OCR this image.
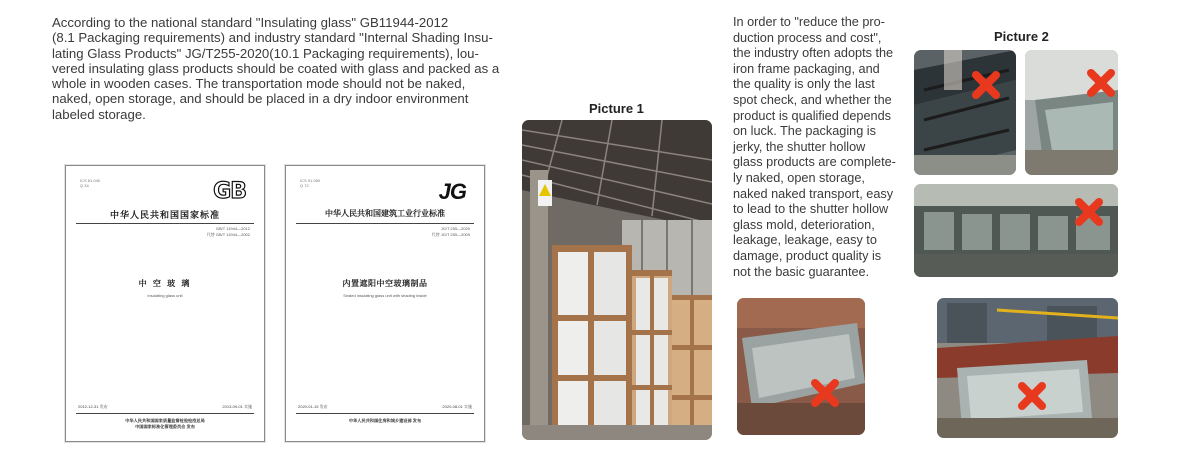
According to the national standard "Insulating glass" GB11944-2012
(8.1 Packaging requirements) and industry standard "Internal Shading Insu-
lating Glass Products" JG/T255-2020(10.1 Packaging requirements), lou-
vered insulating glass products should be coated with glass and packed as a
whole in wooden cases. The transportation mode should not be naked,
naked, open storage, and should be placed in a dry indoor environment
labeled storage.
ICS 81.040
Q 34	GB
中华人民共和国国家标准
GB/T 11944—2012
代替 GB/T 11944—2002
中 空 玻 璃
Insulating glass unit
2012-12-31 发布	2013-09-01 实施
中华人民共和国国家质量监督检验检疫总局
中国国家标准化管理委员会 发布
ICS 91.060
Q 72	JG
中华人民共和国建筑工业行业标准
JG/T 255—2020
代替 JG/T 255—2009
内置遮阳中空玻璃制品
Sealed insulating glass unit with shading inside
2020-01-15 发布	2020-08-01 实施
中华人民共和国住房和城乡建设部 发布
Picture 1
In order to "reduce the pro-
duction process and cost",
the industry often adopts the
iron frame packaging, and
the quality is only the last
spot check, and whether the
product is qualified depends
on luck. The packaging is
jerky, the shutter hollow
glass products are complete-
ly naked, open storage,
naked naked transport, easy
to lead to the shutter hollow
glass mold, deterioration,
leakage, leakage, easy to
damage, product quality is
not the basic guarantee.
Picture 2
